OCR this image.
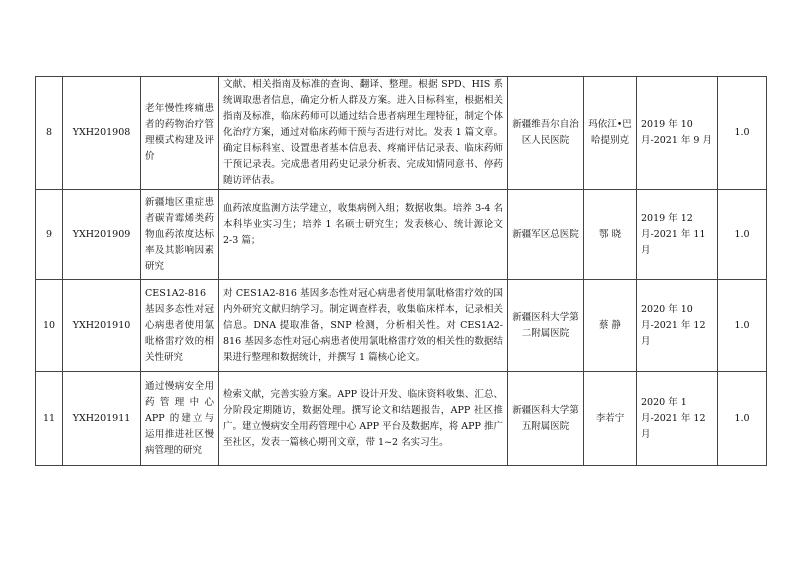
8	YXH201908	老年慢性疼痛患者的药物治疗管理模式构建及评价	文献、相关指南及标准的查询、翻译、整理。根据 SPD、HIS 系统调取患者信息，确定分析人群及方案。进入目标科室，根据相关指南及标准，临床药师可以通过结合患者病理生理特征，制定个体化治疗方案，通过对临床药师干预与否进行对比。发表 1 篇文章。确定目标科室、设置患者基本信息表、疼痛评估记录表、临床药师干预记录表。完成患者用药史记录分析表、完成知情同意书、停药随访评估表。	新疆维吾尔自治区人民医院	玛依江•巴哈提别克	2019 年 10 月-2021 年 9 月	1.0
9	YXH201909	新疆地区重症患者碳青霉烯类药物血药浓度达标率及其影响因素研究	血药浓度监测方法学建立，收集病例入组；数据收集。培养 3-4 名本科毕业实习生；培养 1 名硕士研究生；发表核心、统计源论文 2-3 篇；	新疆军区总医院	鄂 晓	2019 年 12 月-2021 年 11 月	1.0
10	YXH201910	CES1A2-816 基因多态性对冠心病患者使用氯吡格雷疗效的相关性研究	对 CES1A2-816 基因多态性对冠心病患者使用氯吡格雷疗效的国内外研究文献归纳学习。制定调查样表，收集临床样本，记录相关信息。DNA 提取准备，SNP 检测，分析相关性。对 CES1A2-816 基因多态性对冠心病患者使用氯吡格雷疗效的相关性的数据结果进行整理和数据统计，并撰写 1 篇核心论文。	新疆医科大学第二附属医院	蔡 静	2020 年 10 月-2021 年 12 月	1.0
11	YXH201911	通过慢病安全用药管理中心 APP 的建立与运用推进社区慢病管理的研究	检索文献，完善实验方案。APP 设计开发、临床资料收集、汇总、分阶段定期随访，数据处理。撰写论文和结题报告，APP 社区推广。建立慢病安全用药管理中心 APP 平台及数据库，将 APP 推广至社区，发表一篇核心期刊文章，带 1~2 名实习生。	新疆医科大学第五附属医院	李若宁	2020 年 1 月-2021 年 12 月	1.0
